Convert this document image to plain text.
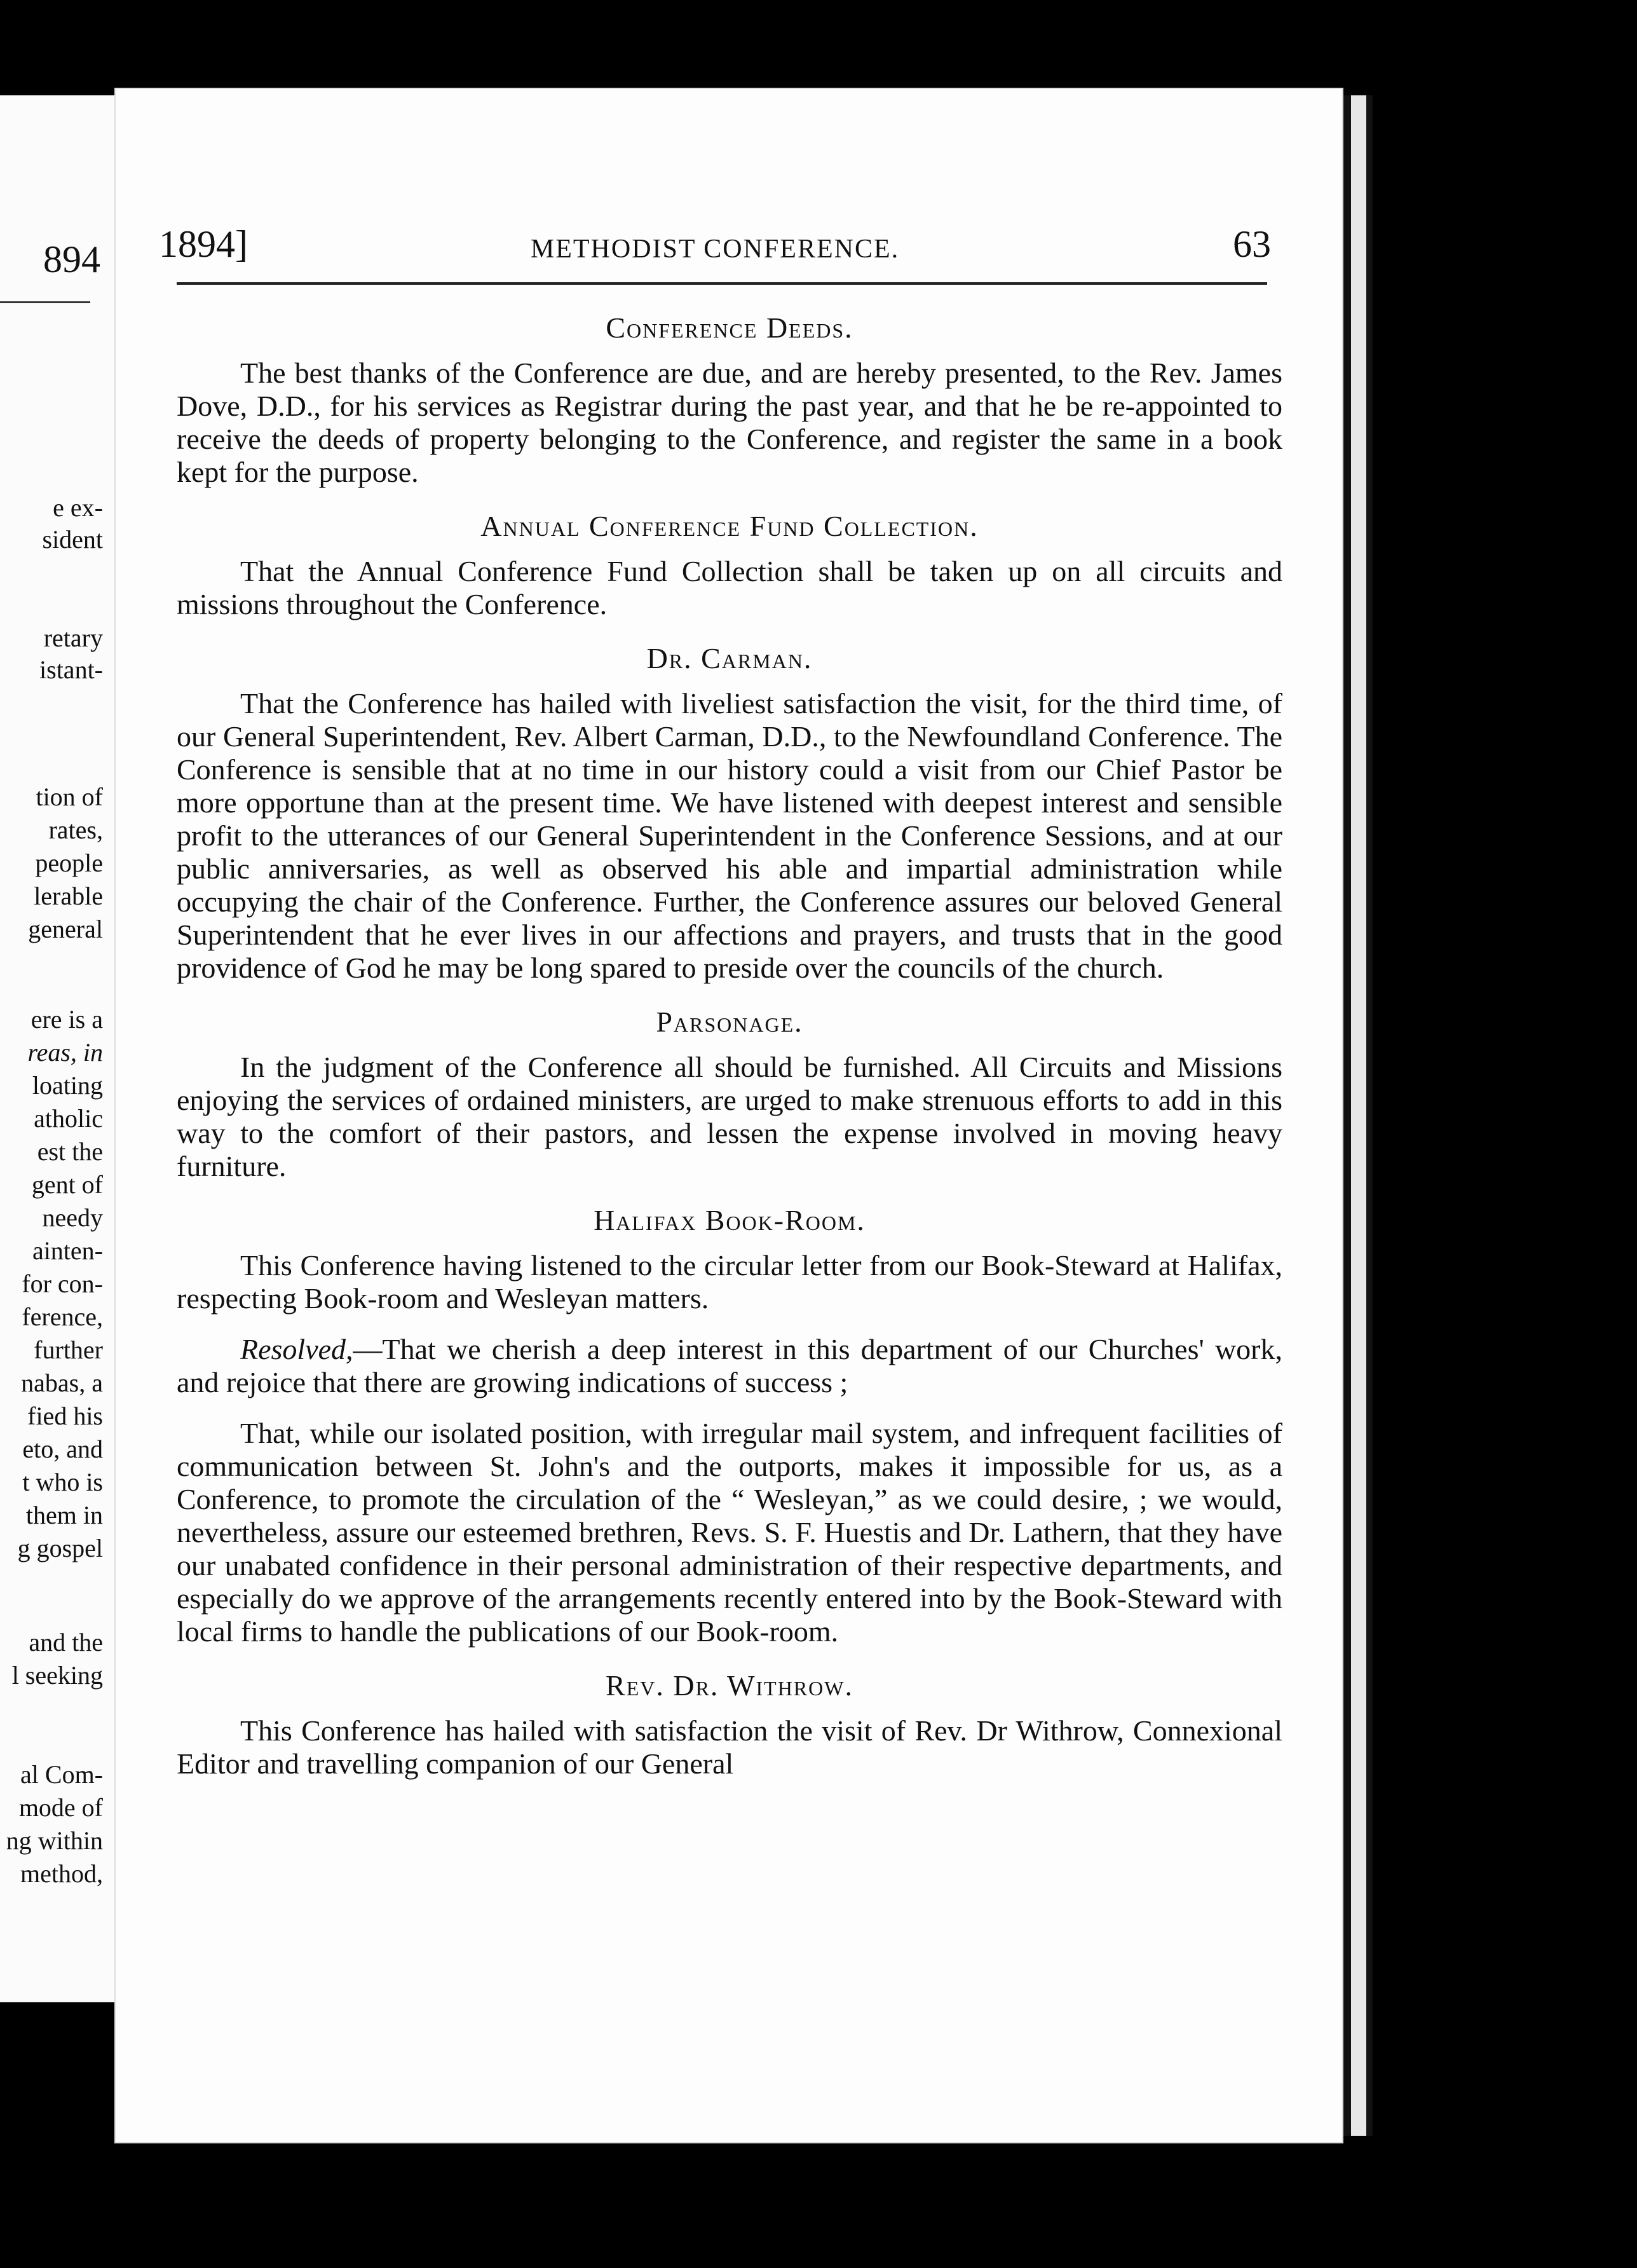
894
e ex-
sident
retary
istant-
tion of
rates,
people
lerable
general
ere is a
reas, in
loating
atholic
est the
gent of
needy
ainten-
for con-
ference,
further
nabas, a
fied his
eto, and
t who is
them in
g gospel
and the
l seeking
al Com-
mode of
ng within
method,
1894]	METHODIST CONFERENCE.	63
Conference Deeds.

The best thanks of the Conference are due, and are hereby presented, to the Rev. James Dove, D.D., for his services as Registrar during the past year, and that he be re-appointed to receive the deeds of property belonging to the Conference, and register the same in a book kept for the purpose.

Annual Conference Fund Collection.

That the Annual Conference Fund Collection shall be taken up on all circuits and missions throughout the Conference.

Dr. Carman.

That the Conference has hailed with liveliest satisfaction the visit, for the third time, of our General Superintendent, Rev. Albert Carman, D.D., to the Newfoundland Conference. The Conference is sensible that at no time in our history could a visit from our Chief Pastor be more opportune than at the present time. We have listened with deepest interest and sensible profit to the utterances of our General Superintendent in the Conference Sessions, and at our public anniversaries, as well as observed his able and impartial administration while occupying the chair of the Conference. Further, the Conference assures our beloved General Superintendent that he ever lives in our affections and prayers, and trusts that in the good providence of God he may be long spared to preside over the councils of the church.

Parsonage.

In the judgment of the Conference all should be furnished. All Circuits and Missions enjoying the services of ordained ministers, are urged to make strenuous efforts to add in this way to the comfort of their pastors, and lessen the expense involved in moving heavy furniture.

Halifax Book-Room.

This Conference having listened to the circular letter from our Book-Steward at Halifax, respecting Book-room and Wesleyan matters.

Resolved,—That we cherish a deep interest in this department of our Churches' work, and rejoice that there are growing indications of success ;

That, while our isolated position, with irregular mail system, and infrequent facilities of communication between St. John's and the outports, makes it impossible for us, as a Conference, to promote the circulation of the “ Wesleyan,” as we could desire, ; we would, nevertheless, assure our esteemed brethren, Revs. S. F. Huestis and Dr. Lathern, that they have our unabated confidence in their personal administration of their respective departments, and especially do we approve of the arrangements recently entered into by the Book-Steward with local firms to handle the publications of our Book-room.

Rev. Dr. Withrow.

This Conference has hailed with satisfaction the visit of Rev. Dr Withrow, Connexional Editor and travelling companion of our General
